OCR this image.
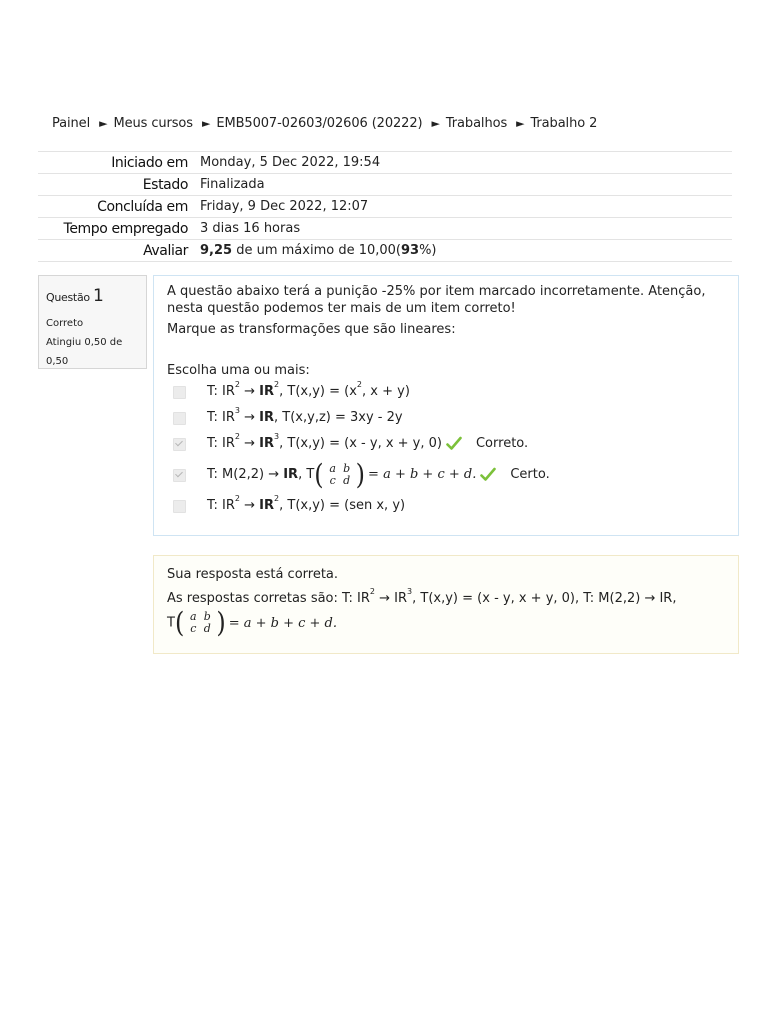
Painel ► Meus cursos ► EMB5007-02603/02606 (20222) ► Trabalhos ► Trabalho 2
Iniciado em	Monday, 5 Dec 2022, 19:54
Estado	Finalizada
Concluída em	Friday, 9 Dec 2022, 12:07
Tempo empregado	3 dias 16 horas
Avaliar	9,25 de um máximo de 10,00(93%)
Questão 1
Correto
Atingiu 0,50 de 0,50

A questão abaixo terá a punição -25% por item marcado incorretamente. Atenção, nesta questão podemos ter mais de um item correto!

Marque as transformações que são lineares:

Escolha uma ou mais:

T: $IR^2 \to IR^2$, $T(x,y) = (x^2$, x + y)
T: $IR^3$ → IR, T(x,y,z) = 3xy - 2y
T: $IR^2 \to IR^3$, T(x,y) = (x - y, x + y, 0)	Correto.
T: M(2,2) → IR, T ( a b
c d ) = a + b + c + d.	Certo.
T: $IR^2 \to IR^2$, T(x,y) = (sen x, y)

Sua resposta está correta.

As respostas corretas são: T: $IR^2 \to IR^3$, T(x,y) = (x - y, x + y, 0), T: M(2,2) → IR,

T ( a b
c d ) = a + b + c + d.
